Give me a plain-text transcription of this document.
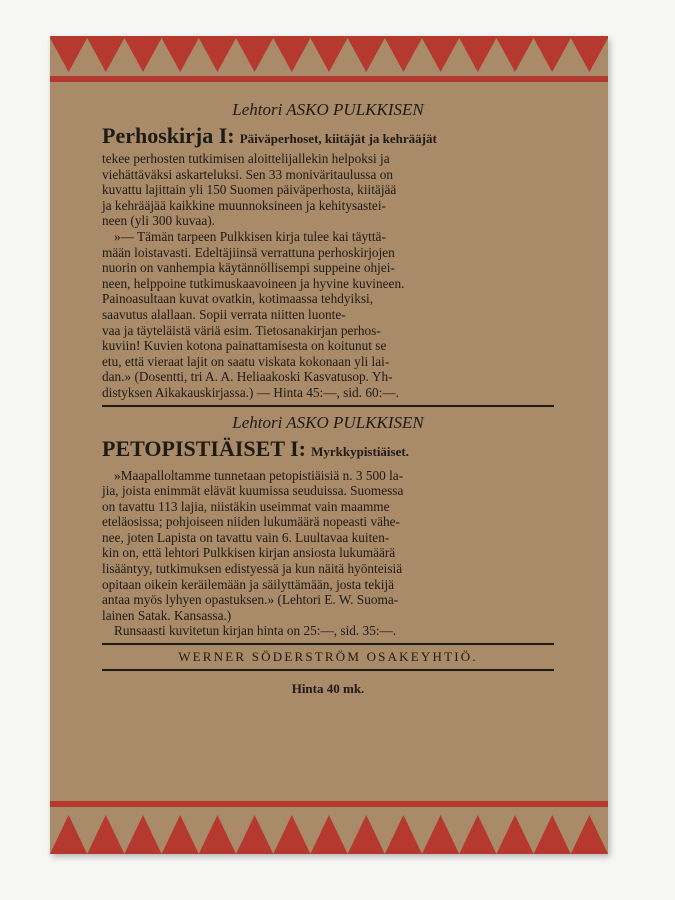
Lehtori ASKO PULKKISEN

Perhoskirja I: Päiväperhoset, kiitäjät ja kehrääjät

tekee perhosten tutkimisen aloittelijallekin helpoksi ja

viehättäväksi askarteluksi. Sen 33 moniväritaulussa on

kuvattu lajittain yli 150 Suomen päiväperhosta, kiitäjää

ja kehrääjää kaikkine muunnoksineen ja kehitysastei-

neen (yli 300 kuvaa).

»— Tämän tarpeen Pulkkisen kirja tulee kai täyttä-

mään loistavasti. Edeltäjiinsä verrattuna perhoskirjojen

nuorin on vanhempia käytännöllisempi suppeine ohjei-

neen, helppoine tutkimuskaavoineen ja hyvine kuvineen.

Painoasultaan kuvat ovatkin, kotimaassa tehdyiksi,

saavutus alallaan. Sopii verrata niitten luonte-

vaa ja täyteläistä väriä esim. Tietosanakirjan perhos-

kuviin! Kuvien kotona painattamisesta on koitunut se

etu, että vieraat lajit on saatu viskata kokonaan yli lai-

dan.» (Dosentti, tri A. A. Heliaakoski Kasvatusop. Yh-

distyksen Aikakauskirjassa.) — Hinta 45:—, sid. 60:—.

Lehtori ASKO PULKKISEN

PETOPISTIÄISET I: Myrkkypistiäiset.

»Maapalloltamme tunnetaan petopistiäisiä n. 3 500 la-

jia, joista enimmät elävät kuumissa seuduissa. Suomessa

on tavattu 113 lajia, niistäkin useimmat vain maamme

eteläosissa; pohjoiseen niiden lukumäärä nopeasti vähe-

nee, joten Lapista on tavattu vain 6. Luultavaa kuiten-

kin on, että lehtori Pulkkisen kirjan ansiosta lukumäärä

lisääntyy, tutkimuksen edistyessä ja kun näitä hyönteisiä

opitaan oikein keräilemään ja säilyttämään, josta tekijä

antaa myös lyhyen opastuksen.» (Lehtori E. W. Suoma-

lainen Satak. Kansassa.)

Runsaasti kuvitetun kirjan hinta on 25:—, sid. 35:—.

WERNER SÖDERSTRÖM OSAKEYHTIÖ.

Hinta 40 mk.
